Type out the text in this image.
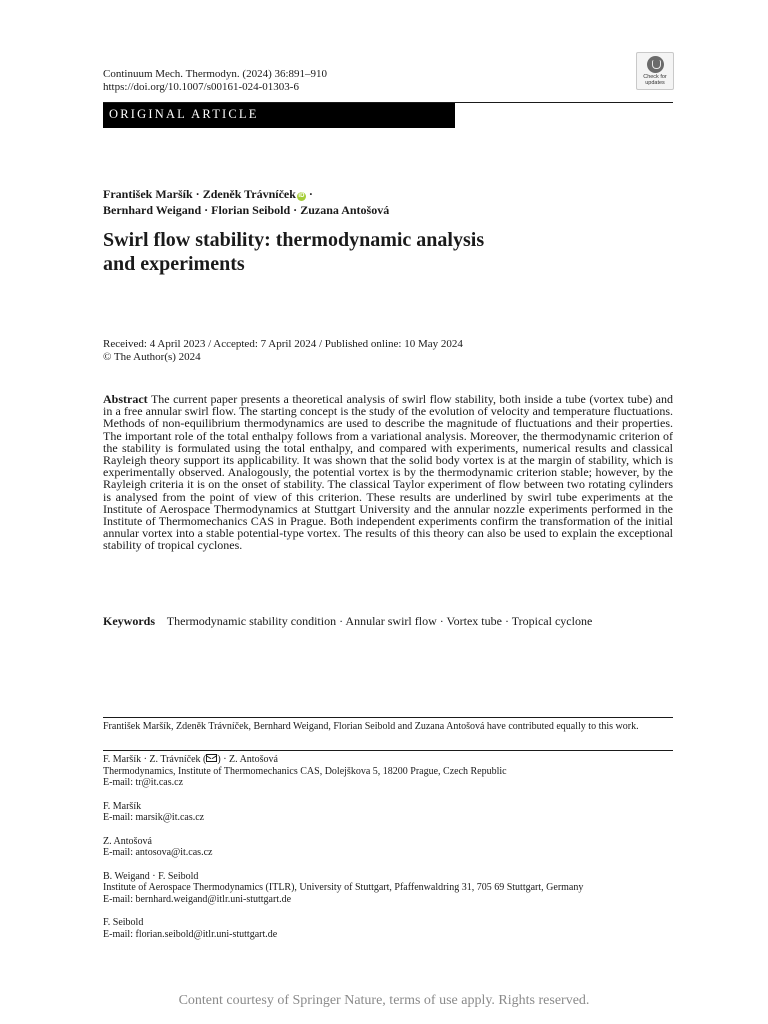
Continuum Mech. Thermodyn. (2024) 36:891–910
https://doi.org/10.1007/s00161-024-01303-6
Check for
updates
ORIGINAL ARTICLE
František Maršík · Zdeněk Trávníček iD ·
Bernhard Weigand · Florian Seibold · Zuzana Antošová
Swirl flow stability: thermodynamic analysis
and experiments
Received: 4 April 2023 / Accepted: 7 April 2024 / Published online: 10 May 2024
© The Author(s) 2024
Abstract The current paper presents a theoretical analysis of swirl flow stability, both inside a tube (vortex tube) and in a free annular swirl flow. The starting concept is the study of the evolution of velocity and temperature fluctuations. Methods of non-equilibrium thermodynamics are used to describe the magnitude of fluctuations and their properties. The important role of the total enthalpy follows from a variational analysis. Moreover, the thermodynamic criterion of the stability is formulated using the total enthalpy, and compared with experiments, numerical results and classical Rayleigh theory support its applicability. It was shown that the solid body vortex is at the margin of stability, which is experimentally observed. Analogously, the potential vortex is by the thermodynamic criterion stable; however, by the Rayleigh criteria it is on the onset of stability. The classical Taylor experiment of flow between two rotating cylinders is analysed from the point of view of this criterion. These results are underlined by swirl tube experiments at the Institute of Aerospace Thermodynamics at Stuttgart University and the annular nozzle experiments performed in the Institute of Thermomechanics CAS in Prague. Both independent experiments confirm the transformation of the initial annular vortex into a stable potential-type vortex. The results of this theory can also be used to explain the exceptional stability of tropical cyclones.
Keywords Thermodynamic stability condition · Annular swirl flow · Vortex tube · Tropical cyclone
František Maršík, Zdeněk Trávníček, Bernhard Weigand, Florian Seibold and Zuzana Antošová have contributed equally to this work.
F. Maršík · Z. Trávníček ( ) · Z. Antošová
Thermodynamics, Institute of Thermomechanics CAS, Dolejškova 5, 18200 Prague, Czech Republic
E-mail: tr@it.cas.cz
F. Maršík
E-mail: marsik@it.cas.cz
Z. Antošová
E-mail: antosova@it.cas.cz
B. Weigand · F. Seibold
Institute of Aerospace Thermodynamics (ITLR), University of Stuttgart, Pfaffenwaldring 31, 705 69 Stuttgart, Germany
E-mail: bernhard.weigand@itlr.uni-stuttgart.de
F. Seibold
E-mail: florian.seibold@itlr.uni-stuttgart.de
Content courtesy of Springer Nature, terms of use apply. Rights reserved.
